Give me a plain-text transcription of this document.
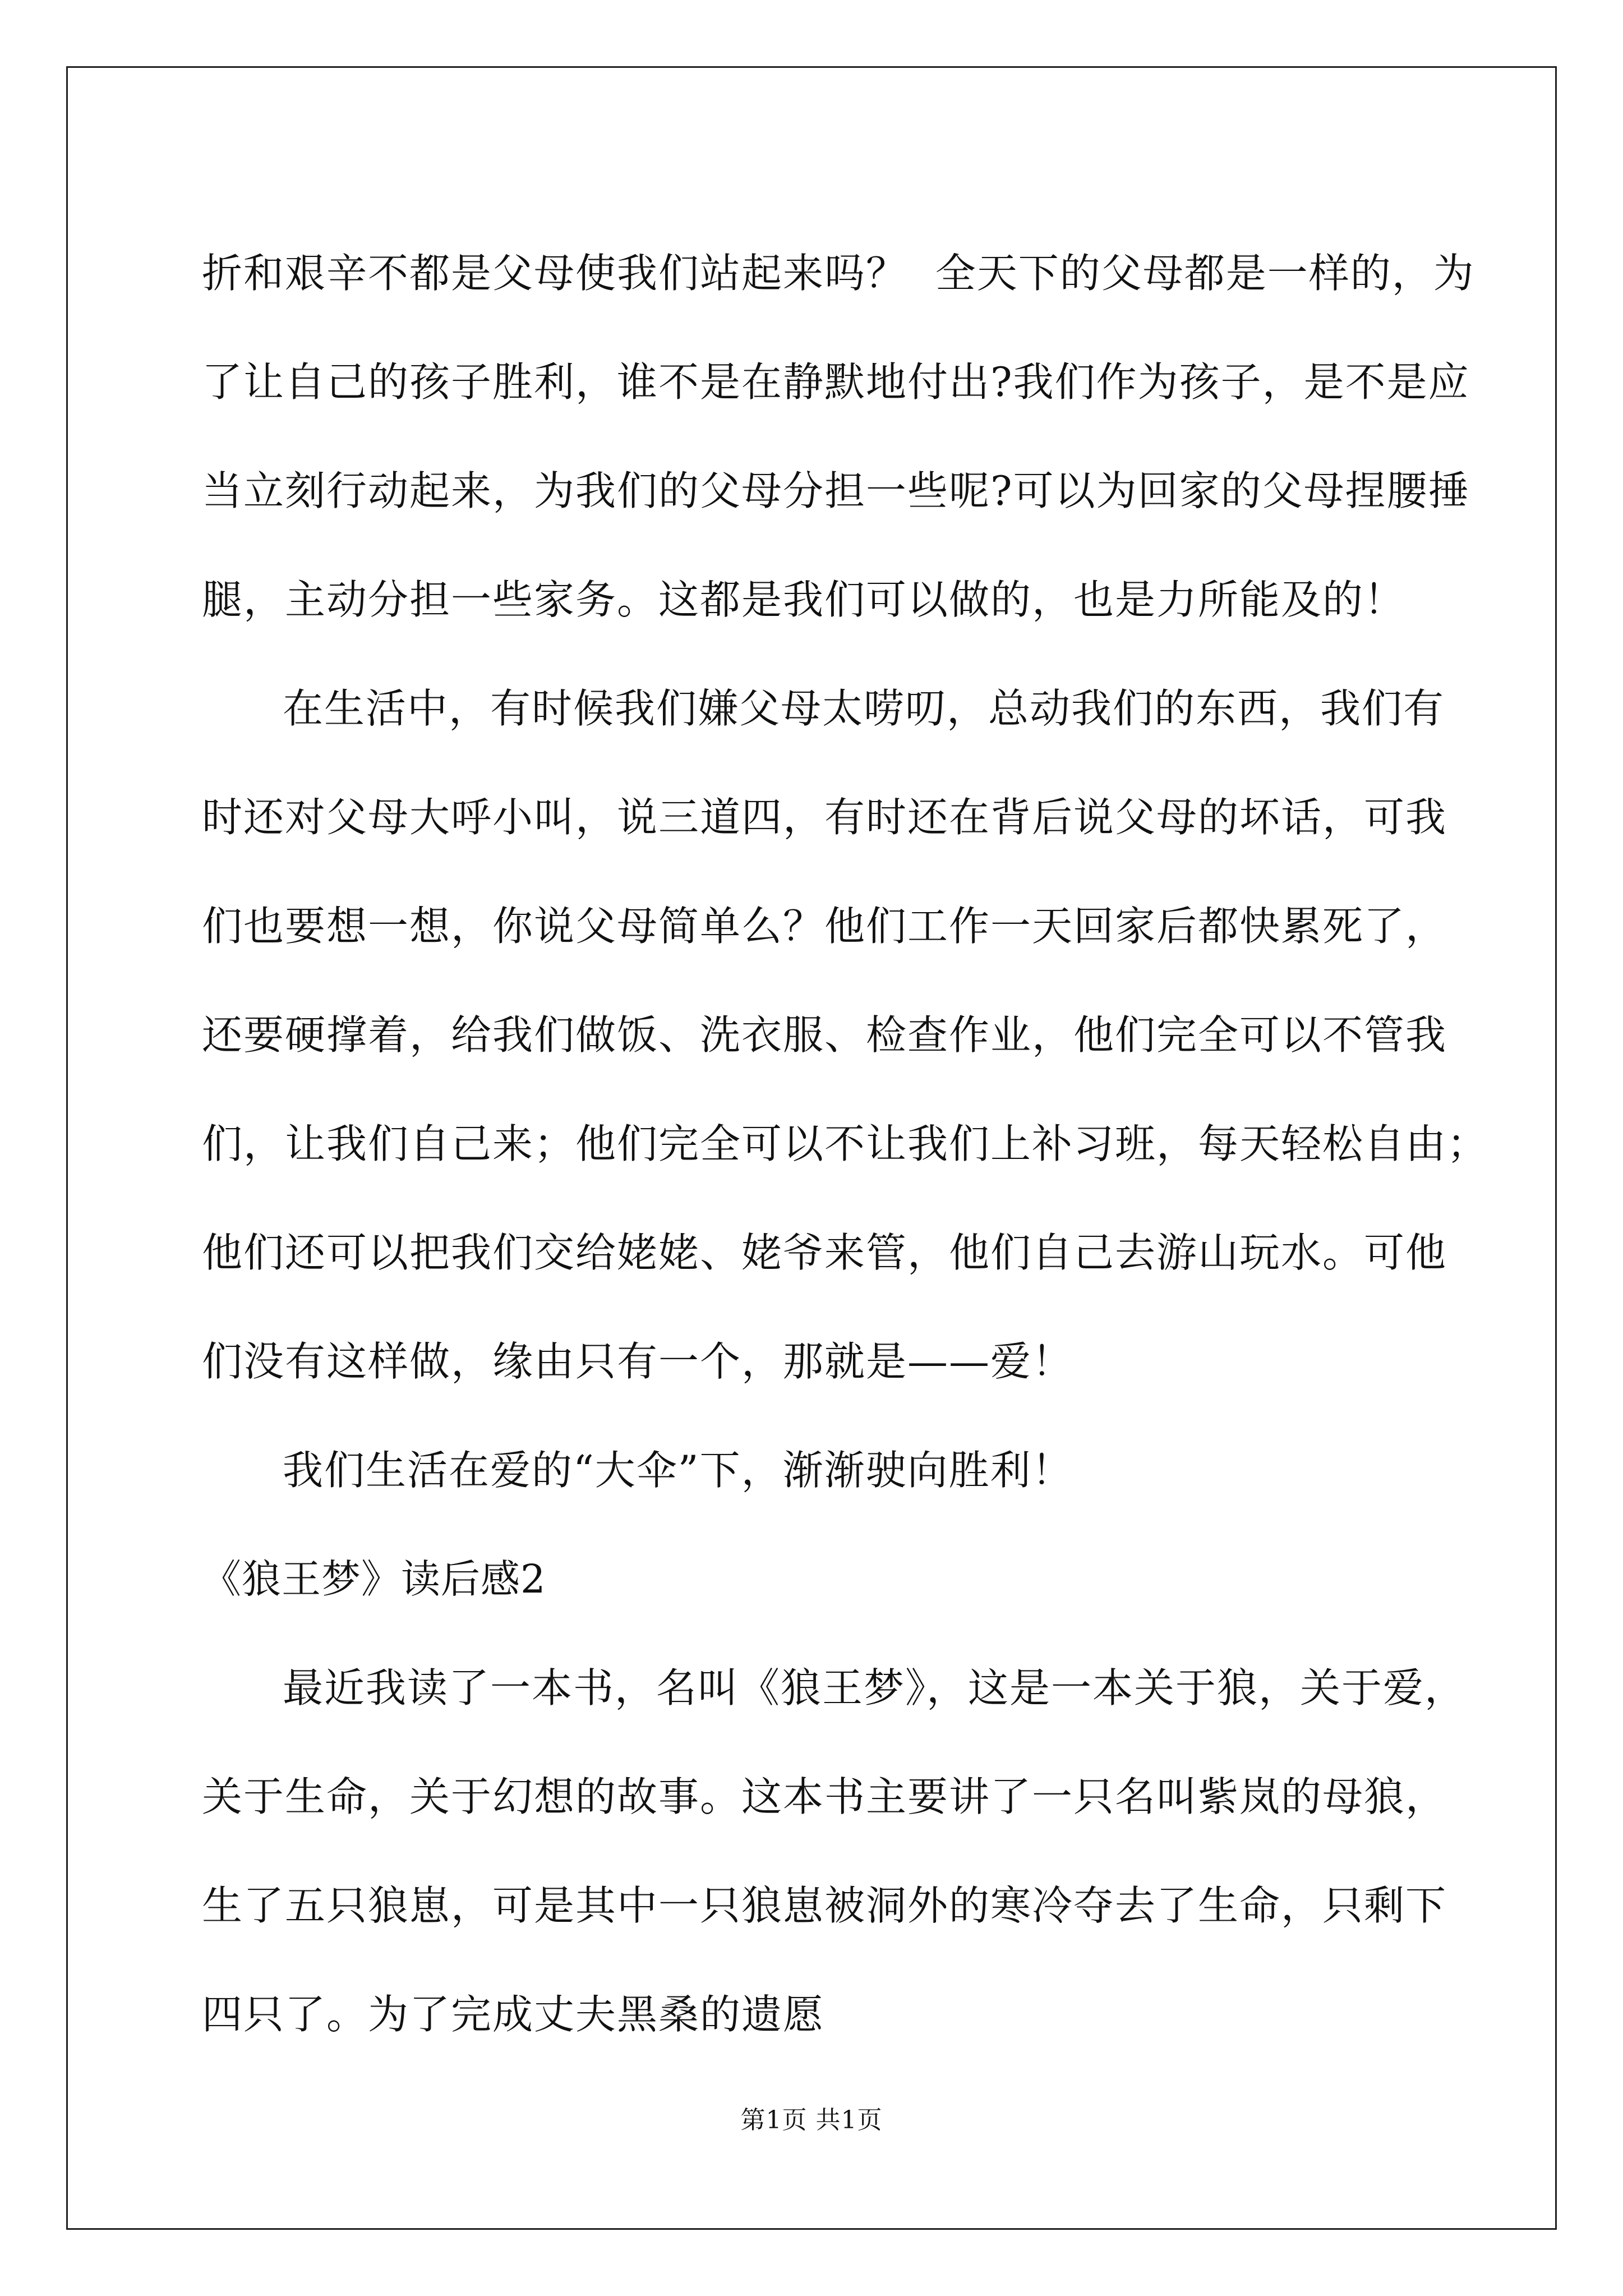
折和艰辛不都是父母使我们站起来吗？  全天下的父母都是一样的，为
了让自己的孩子胜利，谁不是在静默地付出?我们作为孩子，是不是应
当立刻行动起来，为我们的父母分担一些呢?可以为回家的父母捏腰捶
腿，主动分担一些家务。这都是我们可以做的，也是力所能及的！
在生活中，有时候我们嫌父母太唠叨，总动我们的东西，我们有
时还对父母大呼小叫，说三道四，有时还在背后说父母的坏话，可我
们也要想一想，你说父母简单么？他们工作一天回家后都快累死了，
还要硬撑着，给我们做饭、洗衣服、检查作业，他们完全可以不管我
们，让我们自己来；他们完全可以不让我们上补习班，每天轻松自由；
他们还可以把我们交给姥姥、姥爷来管，他们自己去游山玩水。可他
们没有这样做，缘由只有一个，那就是——爱！
我们生活在爱的“大伞”下，渐渐驶向胜利！
《狼王梦》读后感2
最近我读了一本书，名叫《狼王梦》，这是一本关于狼，关于爱，
关于生命，关于幻想的故事。这本书主要讲了一只名叫紫岚的母狼，
生了五只狼崽，可是其中一只狼崽被洞外的寒冷夺去了生命，只剩下
四只了。为了完成丈夫黑桑的遗愿
第1页 共1页
